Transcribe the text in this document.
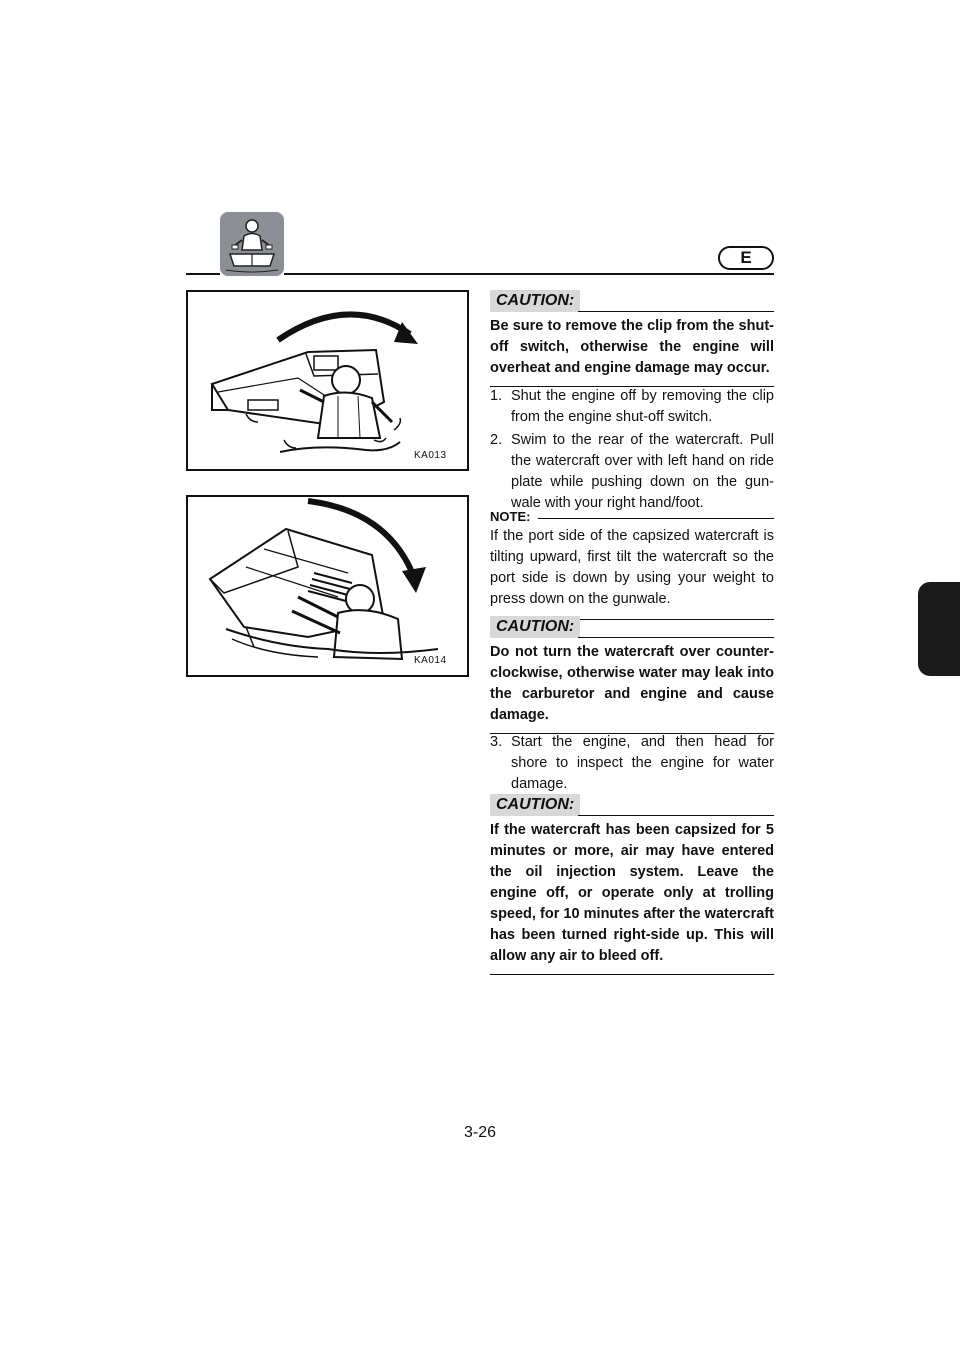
E
KA013
KA014
CAUTION:
Be sure to remove the clip from the shut-off switch, otherwise the engine will overheat and engine damage may occur.
1. Shut the engine off by removing the clip from the engine shut-off switch.
2. Swim to the rear of the watercraft. Pull the watercraft over with left hand on ride plate while pushing down on the gun-wale with your right hand/foot.
NOTE:
If the port side of the capsized watercraft is tilting upward, first tilt the watercraft so the port side is down by using your weight to press down on the gunwale.
CAUTION:
Do not turn the watercraft over counter-clockwise, otherwise water may leak into the carburetor and engine and cause damage.
3. Start the engine, and then head for shore to inspect the engine for water damage.
CAUTION:
If the watercraft has been capsized for 5 minutes or more, air may have entered the oil injection system. Leave the engine off, or operate only at trolling speed, for 10 minutes after the watercraft has been turned right-side up. This will allow any air to bleed off.
3-26
